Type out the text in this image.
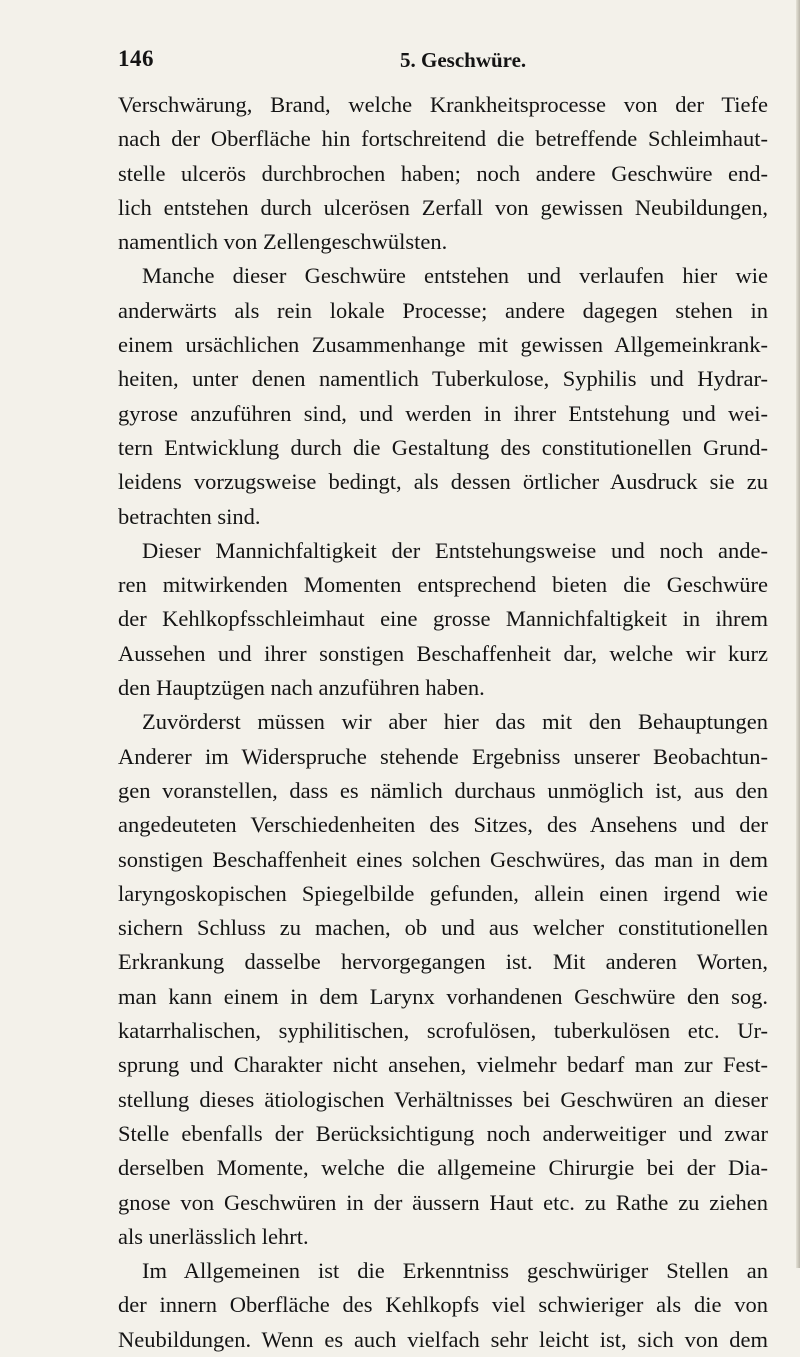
146	5. Geschwüre.
Verschwärung, Brand, welche Krankheitsprocesse von der Tiefe
nach der Oberfläche hin fortschreitend die betreffende Schleimhaut-
stelle ulcerös durchbrochen haben; noch andere Geschwüre end-
lich entstehen durch ulcerösen Zerfall von gewissen Neubildungen,
namentlich von Zellengeschwülsten.
Manche dieser Geschwüre entstehen und verlaufen hier wie
anderwärts als rein lokale Processe; andere dagegen stehen in
einem ursächlichen Zusammenhange mit gewissen Allgemeinkrank-
heiten, unter denen namentlich Tuberkulose, Syphilis und Hydrar-
gyrose anzuführen sind, und werden in ihrer Entstehung und wei-
tern Entwicklung durch die Gestaltung des constitutionellen Grund-
leidens vorzugsweise bedingt, als dessen örtlicher Ausdruck sie zu
betrachten sind.
Dieser Mannichfaltigkeit der Entstehungsweise und noch ande-
ren mitwirkenden Momenten entsprechend bieten die Geschwüre
der Kehlkopfsschleimhaut eine grosse Mannichfaltigkeit in ihrem
Aussehen und ihrer sonstigen Beschaffenheit dar, welche wir kurz
den Hauptzügen nach anzuführen haben.
Zuvörderst müssen wir aber hier das mit den Behauptungen
Anderer im Widerspruche stehende Ergebniss unserer Beobachtun-
gen voranstellen, dass es nämlich durchaus unmöglich ist, aus den
angedeuteten Verschiedenheiten des Sitzes, des Ansehens und der
sonstigen Beschaffenheit eines solchen Geschwüres, das man in dem
laryngoskopischen Spiegelbilde gefunden, allein einen irgend wie
sichern Schluss zu machen, ob und aus welcher constitutionellen
Erkrankung dasselbe hervorgegangen ist. Mit anderen Worten,
man kann einem in dem Larynx vorhandenen Geschwüre den sog.
katarrhalischen, syphilitischen, scrofulösen, tuberkulösen etc. Ur-
sprung und Charakter nicht ansehen, vielmehr bedarf man zur Fest-
stellung dieses ätiologischen Verhältnisses bei Geschwüren an dieser
Stelle ebenfalls der Berücksichtigung noch anderweitiger und zwar
derselben Momente, welche die allgemeine Chirurgie bei der Dia-
gnose von Geschwüren in der äussern Haut etc. zu Rathe zu ziehen
als unerlässlich lehrt.
Im Allgemeinen ist die Erkenntniss geschwüriger Stellen an
der innern Oberfläche des Kehlkopfs viel schwieriger als die von
Neubildungen. Wenn es auch vielfach sehr leicht ist, sich von dem
